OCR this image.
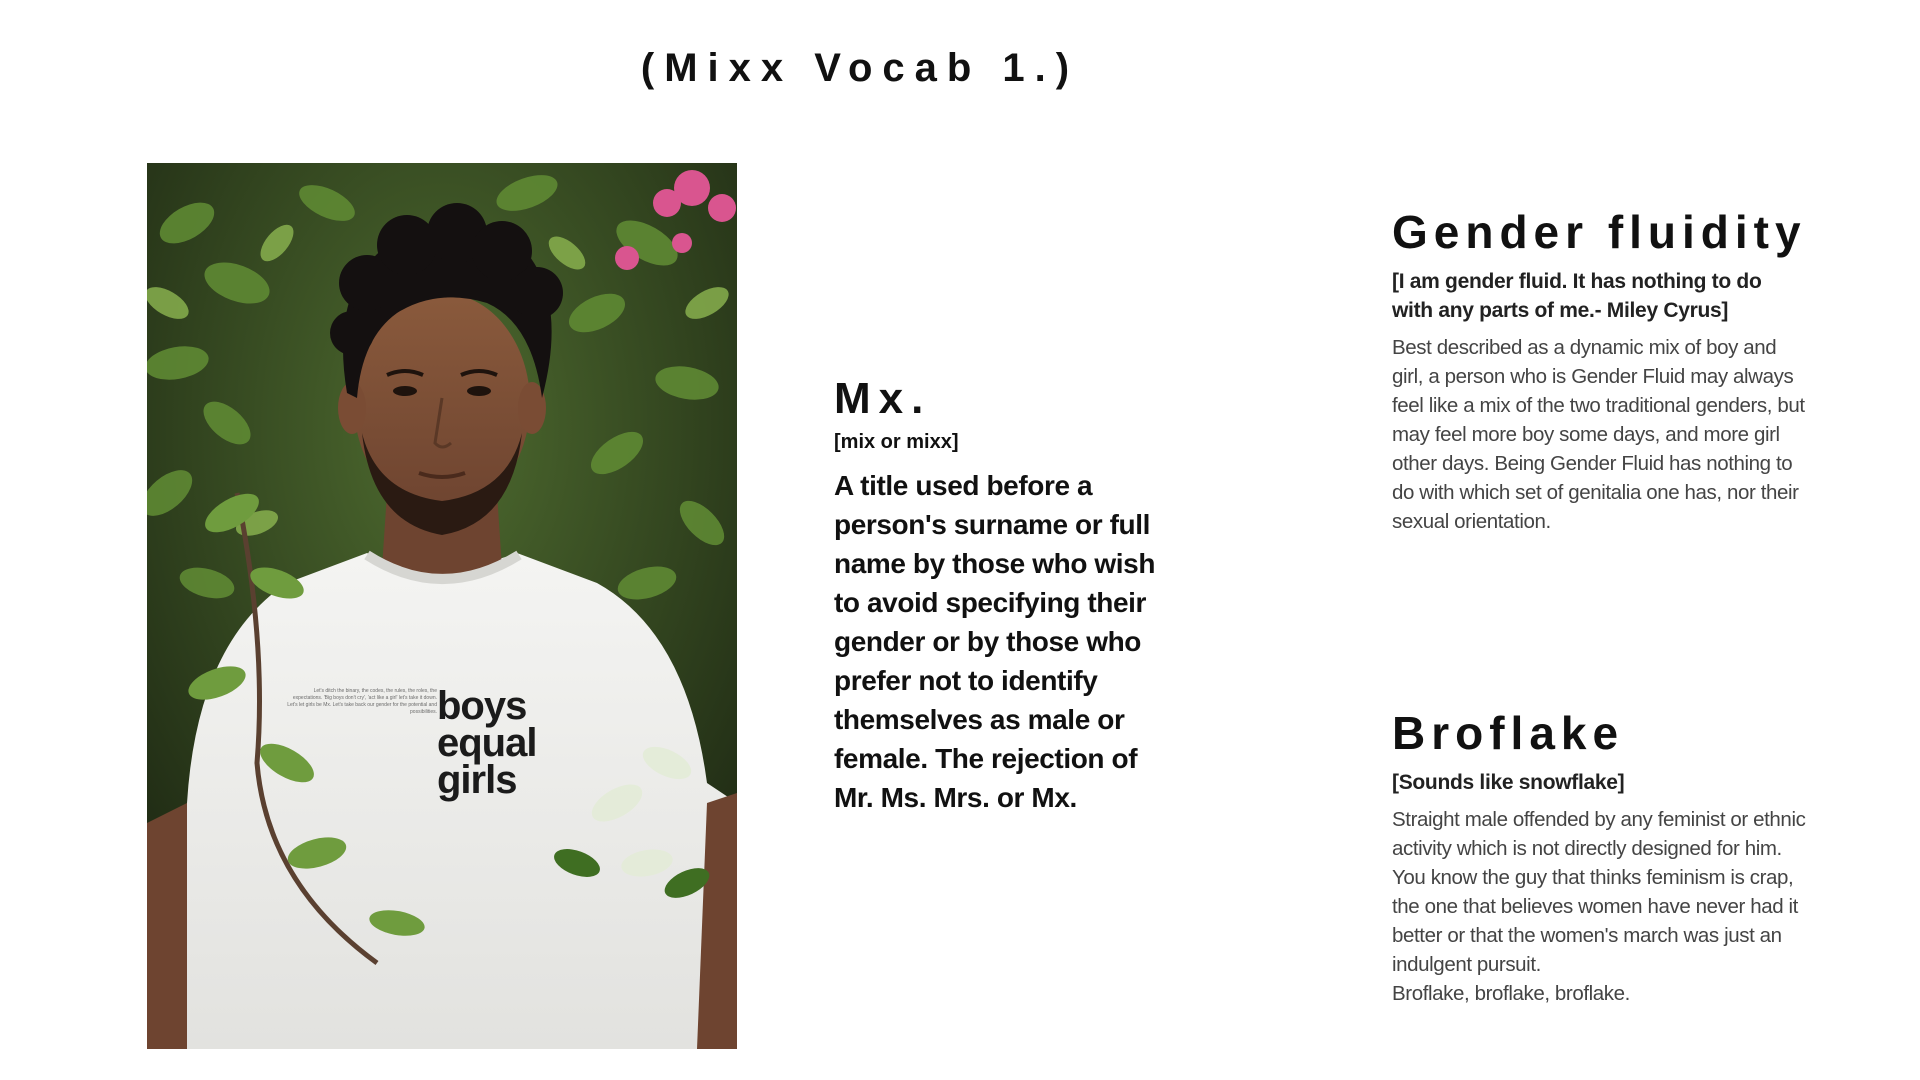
(Mixx Vocab 1.)
Let's ditch the binary, the codes, the rules, the roles, the expectations. 'Big boys don't cry', 'act like a girl' let's take it down. Let's let girls be Mx. Let's take back our gender for the potential and possibilities. boys
equal
girls
Mx.
[mix or mixx]
A title used before a person's surname or full name by those who wish to avoid specifying their gender or by those who prefer not to identify themselves as male or female. The rejection of Mr. Ms. Mrs. or Mx.
Gender fluidity
[I am gender fluid. It has nothing to do
with any parts of me.- Miley Cyrus]
Best described as a dynamic mix of boy and girl, a person who is Gender Fluid may always feel like a mix of the two traditional genders, but may feel more boy some days, and more girl other days. Being Gender Fluid has nothing to do with which set of genitalia one has, nor their sexual orientation.
Broflake
[Sounds like snowflake]
Straight male offended by any feminist or ethnic activity which is not directly designed for him.
You know the guy that thinks feminism is crap, the one that believes women have never had it better or that the women's march was just an indulgent pursuit.
Broflake, broflake, broflake.
